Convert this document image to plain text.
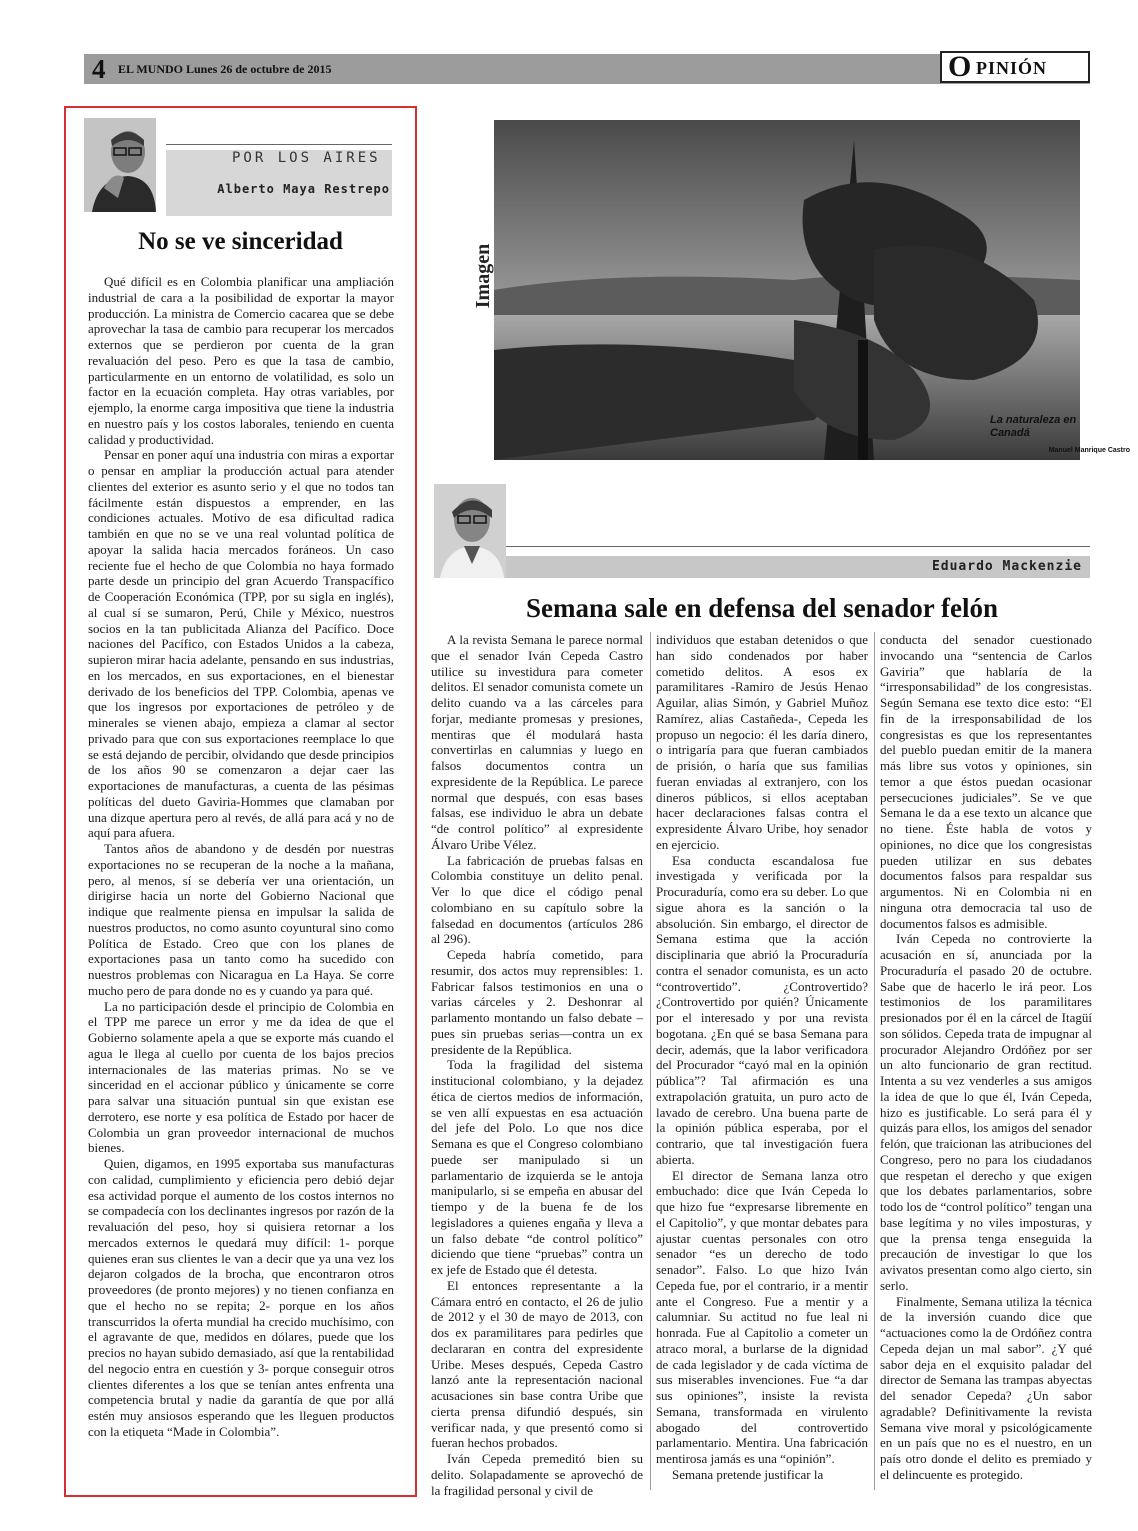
4 EL MUNDO Lunes 26 de octubre de 2015	O PINIÓN
POR LOS AIRES
Alberto Maya Restrepo
No se ve sinceridad

Qué difícil es en Colombia planificar una ampliación industrial de cara a la posibilidad de exportar la mayor producción. La ministra de Comercio cacarea que se debe aprovechar la tasa de cambio para recuperar los mercados externos que se perdieron por cuenta de la gran revaluación del peso. Pero es que la tasa de cambio, particularmente en un entorno de volatilidad, es solo un factor en la ecuación completa. Hay otras variables, por ejemplo, la enorme carga impositiva que tiene la industria en nuestro país y los costos laborales, teniendo en cuenta calidad y productividad.

Pensar en poner aquí una industria con miras a exportar o pensar en ampliar la producción actual para atender clientes del exterior es asunto serio y el que no todos tan fácilmente están dispuestos a emprender, en las condiciones actuales. Motivo de esa dificultad radica también en que no se ve una real voluntad política de apoyar la salida hacia mercados foráneos. Un caso reciente fue el hecho de que Colombia no haya formado parte desde un principio del gran Acuerdo Transpacífico de Cooperación Económica (TPP, por su sigla en inglés), al cual sí se sumaron, Perú, Chile y México, nuestros socios en la tan publicitada Alianza del Pacífico. Doce naciones del Pacífico, con Estados Unidos a la cabeza, supieron mirar hacia adelante, pensando en sus industrias, en los mercados, en sus exportaciones, en el bienestar derivado de los beneficios del TPP. Colombia, apenas ve que los ingresos por exportaciones de petróleo y de minerales se vienen abajo, empieza a clamar al sector privado para que con sus exportaciones reemplace lo que se está dejando de percibir, olvidando que desde principios de los años 90 se comenzaron a dejar caer las exportaciones de manufacturas, a cuenta de las pésimas políticas del dueto Gaviria-Hommes que clamaban por una dizque apertura pero al revés, de allá para acá y no de aquí para afuera.

Tantos años de abandono y de desdén por nuestras exportaciones no se recuperan de la noche a la mañana, pero, al menos, sí se debería ver una orientación, un dirigirse hacia un norte del Gobierno Nacional que indique que realmente piensa en impulsar la salida de nuestros productos, no como asunto coyuntural sino como Política de Estado. Creo que con los planes de exportaciones pasa un tanto como ha sucedido con nuestros problemas con Nicaragua en La Haya. Se corre mucho pero de para donde no es y cuando ya para qué.

La no participación desde el principio de Colombia en el TPP me parece un error y me da idea de que el Gobierno solamente apela a que se exporte más cuando el agua le llega al cuello por cuenta de los bajos precios internacionales de las materias primas. No se ve sinceridad en el accionar público y únicamente se corre para salvar una situación puntual sin que existan ese derrotero, ese norte y esa política de Estado por hacer de Colombia un gran proveedor internacional de muchos bienes.

Quien, digamos, en 1995 exportaba sus manufacturas con calidad, cumplimiento y eficiencia pero debió dejar esa actividad porque el aumento de los costos internos no se compadecía con los declinantes ingresos por razón de la revaluación del peso, hoy si quisiera retornar a los mercados externos le quedará muy difícil: 1- porque quienes eran sus clientes le van a decir que ya una vez los dejaron colgados de la brocha, que encontraron otros proveedores (de pronto mejores) y no tienen confianza en que el hecho no se repita; 2- porque en los años transcurridos la oferta mundial ha crecido muchísimo, con el agravante de que, medidos en dólares, puede que los precios no hayan subido demasiado, así que la rentabilidad del negocio entra en cuestión y 3- porque conseguir otros clientes diferentes a los que se tenían antes enfrenta una competencia brutal y nadie da garantía de que por allá estén muy ansiosos esperando que les lleguen productos con la etiqueta “Made in Colombia”.

Imagen
La naturaleza en Canadá
Manuel Manrique Castro
Eduardo Mackenzie
Semana sale en defensa del senador felón

A la revista Semana le parece normal que el senador Iván Cepeda Castro utilice su investidura para cometer delitos. El senador comunista comete un delito cuando va a las cárceles para forjar, mediante promesas y presiones, mentiras que él modulará hasta convertirlas en calumnias y luego en falsos documentos contra un expresidente de la República. Le parece normal que después, con esas bases falsas, ese individuo le abra un debate “de control político” al expresidente Álvaro Uribe Vélez.

La fabricación de pruebas falsas en Colombia constituye un delito penal. Ver lo que dice el código penal colombiano en su capítulo sobre la falsedad en documentos (artículos 286 al 296).

Cepeda habría cometido, para resumir, dos actos muy reprensibles: 1. Fabricar falsos testimonios en una o varias cárceles y 2. Deshonrar al parlamento montando un falso debate –pues sin pruebas serias—contra un ex presidente de la República.

Toda la fragilidad del sistema institucional colombiano, y la dejadez ética de ciertos medios de información, se ven allí expuestas en esa actuación del jefe del Polo. Lo que nos dice Semana es que el Congreso colombiano puede ser manipulado si un parlamentario de izquierda se le antoja manipularlo, si se empeña en abusar del tiempo y de la buena fe de los legisladores a quienes engaña y lleva a un falso debate “de control político” diciendo que tiene “pruebas” contra un ex jefe de Estado que él detesta.

El entonces representante a la Cámara entró en contacto, el 26 de julio de 2012 y el 30 de mayo de 2013, con dos ex paramilitares para pedirles que declararan en contra del expresidente Uribe. Meses después, Cepeda Castro lanzó ante la representación nacional acusaciones sin base contra Uribe que cierta prensa difundió después, sin verificar nada, y que presentó como si fueran hechos probados.

Iván Cepeda premeditó bien su delito. Solapadamente se aprovechó de la fragilidad personal y civil de

individuos que estaban detenidos o que han sido condenados por haber cometido delitos. A esos ex paramilitares -Ramiro de Jesús Henao Aguilar, alias Simón, y Gabriel Muñoz Ramírez, alias Castañeda-, Cepeda les propuso un negocio: él les daría dinero, o intrigaría para que fueran cambiados de prisión, o haría que sus familias fueran enviadas al extranjero, con los dineros públicos, si ellos aceptaban hacer declaraciones falsas contra el expresidente Álvaro Uribe, hoy senador en ejercicio.

Esa conducta escandalosa fue investigada y verificada por la Procuraduría, como era su deber. Lo que sigue ahora es la sanción o la absolución. Sin embargo, el director de Semana estima que la acción disciplinaria que abrió la Procuraduría contra el senador comunista, es un acto “controvertido”. ¿Controvertido? ¿Controvertido por quién? Únicamente por el interesado y por una revista bogotana. ¿En qué se basa Semana para decir, además, que la labor verificadora del Procurador “cayó mal en la opinión pública”? Tal afirmación es una extrapolación gratuita, un puro acto de lavado de cerebro. Una buena parte de la opinión pública esperaba, por el contrario, que tal investigación fuera abierta.

El director de Semana lanza otro embuchado: dice que Iván Cepeda lo que hizo fue “expresarse libremente en el Capitolio”, y que montar debates para ajustar cuentas personales con otro senador “es un derecho de todo senador”. Falso. Lo que hizo Iván Cepeda fue, por el contrario, ir a mentir ante el Congreso. Fue a mentir y a calumniar. Su actitud no fue leal ni honrada. Fue al Capitolio a cometer un atraco moral, a burlarse de la dignidad de cada legislador y de cada víctima de sus miserables invenciones. Fue “a dar sus opiniones”, insiste la revista Semana, transformada en virulento abogado del controvertido parlamentario. Mentira. Una fabricación mentirosa jamás es una “opinión”.

Semana pretende justificar la

conducta del senador cuestionado invocando una “sentencia de Carlos Gaviria” que hablaría de la “irresponsabilidad” de los congresistas. Según Semana ese texto dice esto: “El fin de la irresponsabilidad de los congresistas es que los representantes del pueblo puedan emitir de la manera más libre sus votos y opiniones, sin temor a que éstos puedan ocasionar persecuciones judiciales”. Se ve que Semana le da a ese texto un alcance que no tiene. Éste habla de votos y opiniones, no dice que los congresistas pueden utilizar en sus debates documentos falsos para respaldar sus argumentos. Ni en Colombia ni en ninguna otra democracia tal uso de documentos falsos es admisible.

Iván Cepeda no controvierte la acusación en sí, anunciada por la Procuraduría el pasado 20 de octubre. Sabe que de hacerlo le irá peor. Los testimonios de los paramilitares presionados por él en la cárcel de Itagüí son sólidos. Cepeda trata de impugnar al procurador Alejandro Ordóñez por ser un alto funcionario de gran rectitud. Intenta a su vez venderles a sus amigos la idea de que lo que él, Iván Cepeda, hizo es justificable. Lo será para él y quizás para ellos, los amigos del senador felón, que traicionan las atribuciones del Congreso, pero no para los ciudadanos que respetan el derecho y que exigen que los debates parlamentarios, sobre todo los de “control político” tengan una base legítima y no viles imposturas, y que la prensa tenga enseguida la precaución de investigar lo que los avivatos presentan como algo cierto, sin serlo.

Finalmente, Semana utiliza la técnica de la inversión cuando dice que “actuaciones como la de Ordóñez contra Cepeda dejan un mal sabor”. ¿Y qué sabor deja en el exquisito paladar del director de Semana las trampas abyectas del senador Cepeda? ¿Un sabor agradable? Definitivamente la revista Semana vive moral y psicológicamente en un país que no es el nuestro, en un país otro donde el delito es premiado y el delincuente es protegido.
